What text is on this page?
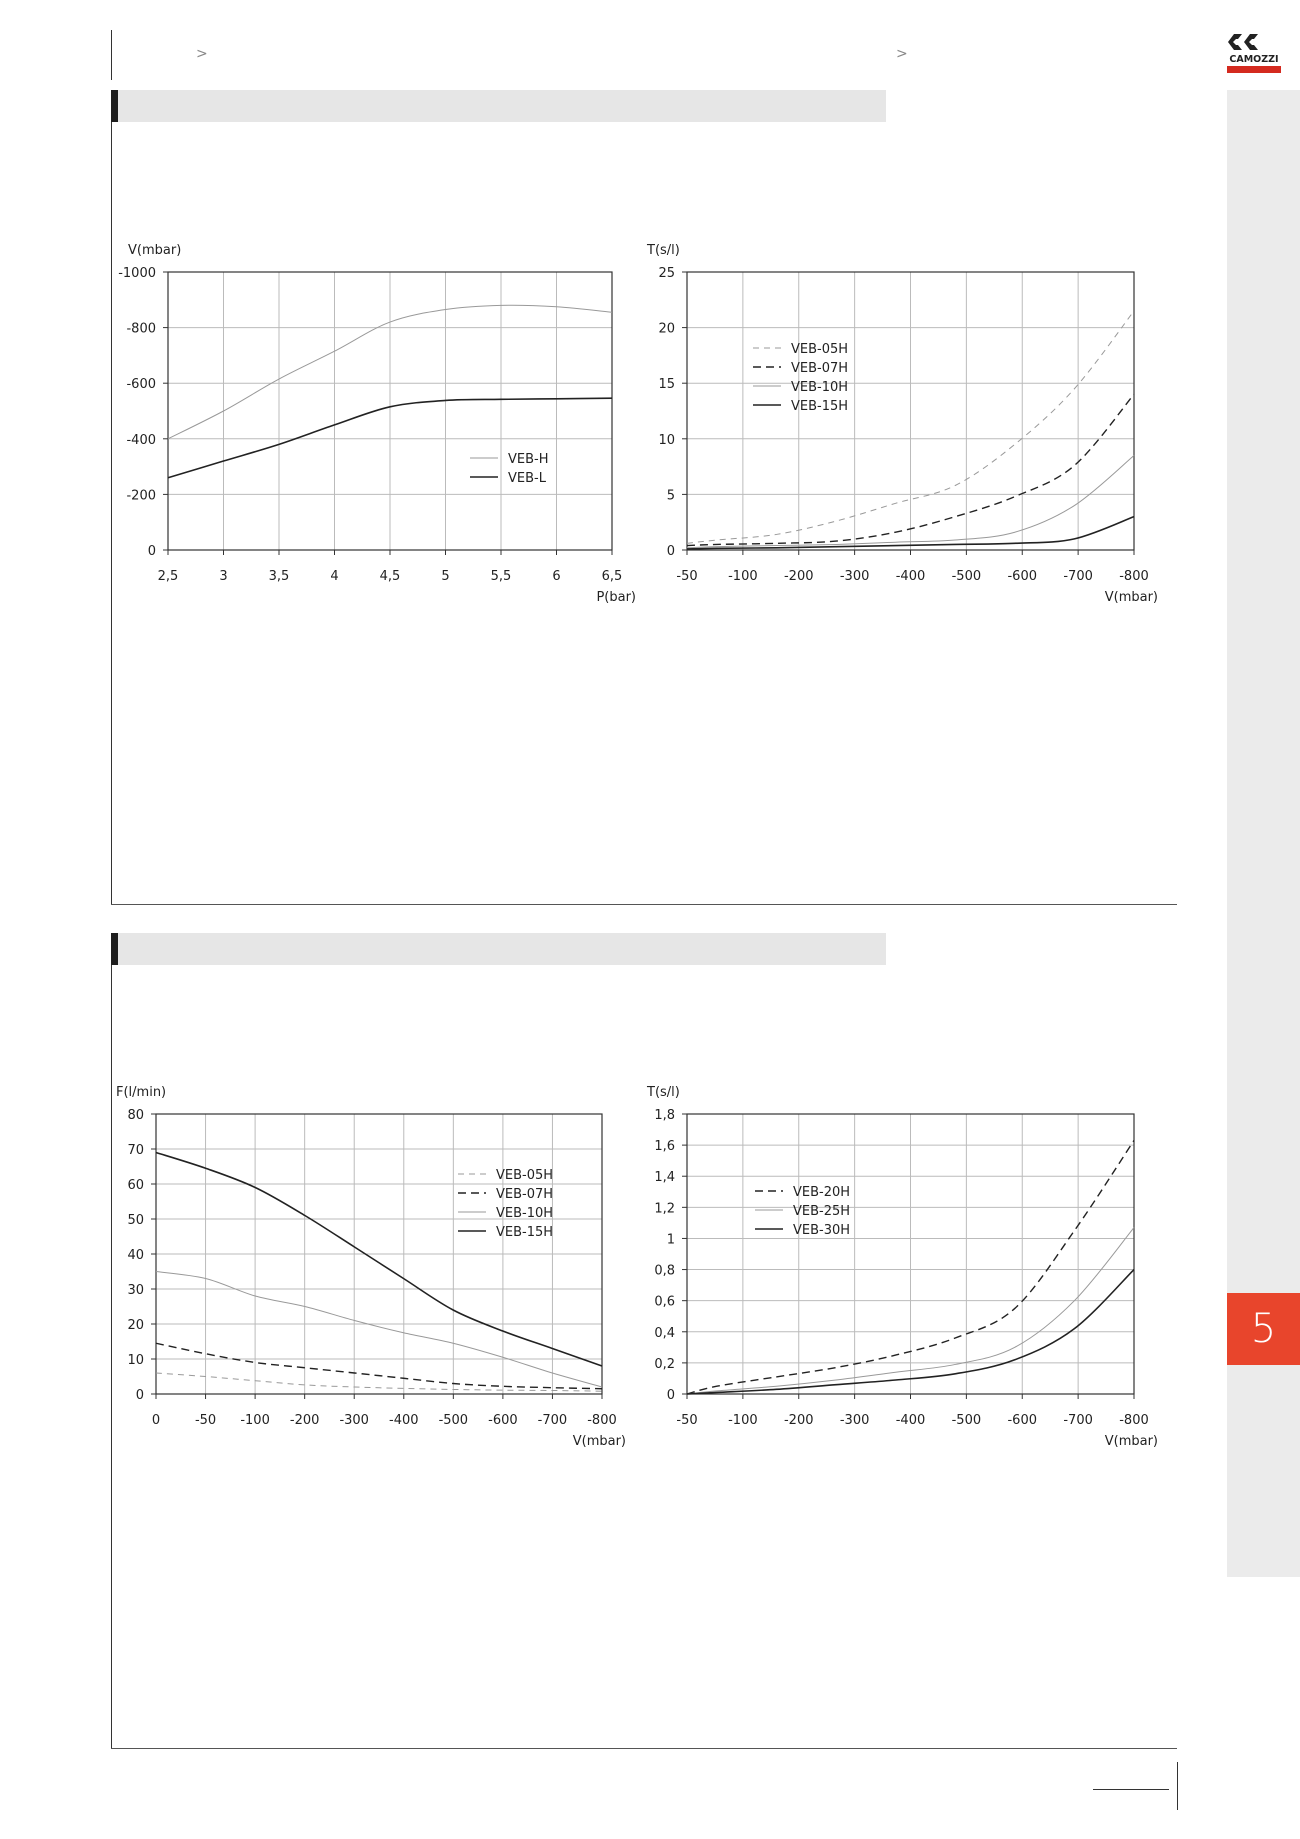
>	>	CAMOZZI
5
2,5	3	3,5	4	4,5	5	5,5	6	6,5
-1000
-800
-600
-400
-200
0
V(mbar)
P(bar)
VEB-H
VEB-L
-50 -100 -200 -300 -400 -500 -600 -700 -800
25
20
15
10
5
0
T(s/l)
V(mbar)
VEB-05H
VEB-07H
VEB-10H
VEB-15H
0	-50 -100 -200 -300 -400 -500 -600 -700 -800
80
70
60
50
40
30
20
10
0
F(l/min)
V(mbar)
VEB-05H
VEB-07H
VEB-10H
VEB-15H
-50 -100 -200 -300 -400 -500 -600 -700 -800
1,8
1,6
1,4
1,2
1
0,8
0,6
0,4
0,2
0
T(s/l)
V(mbar)
VEB-20H
VEB-25H
VEB-30H
